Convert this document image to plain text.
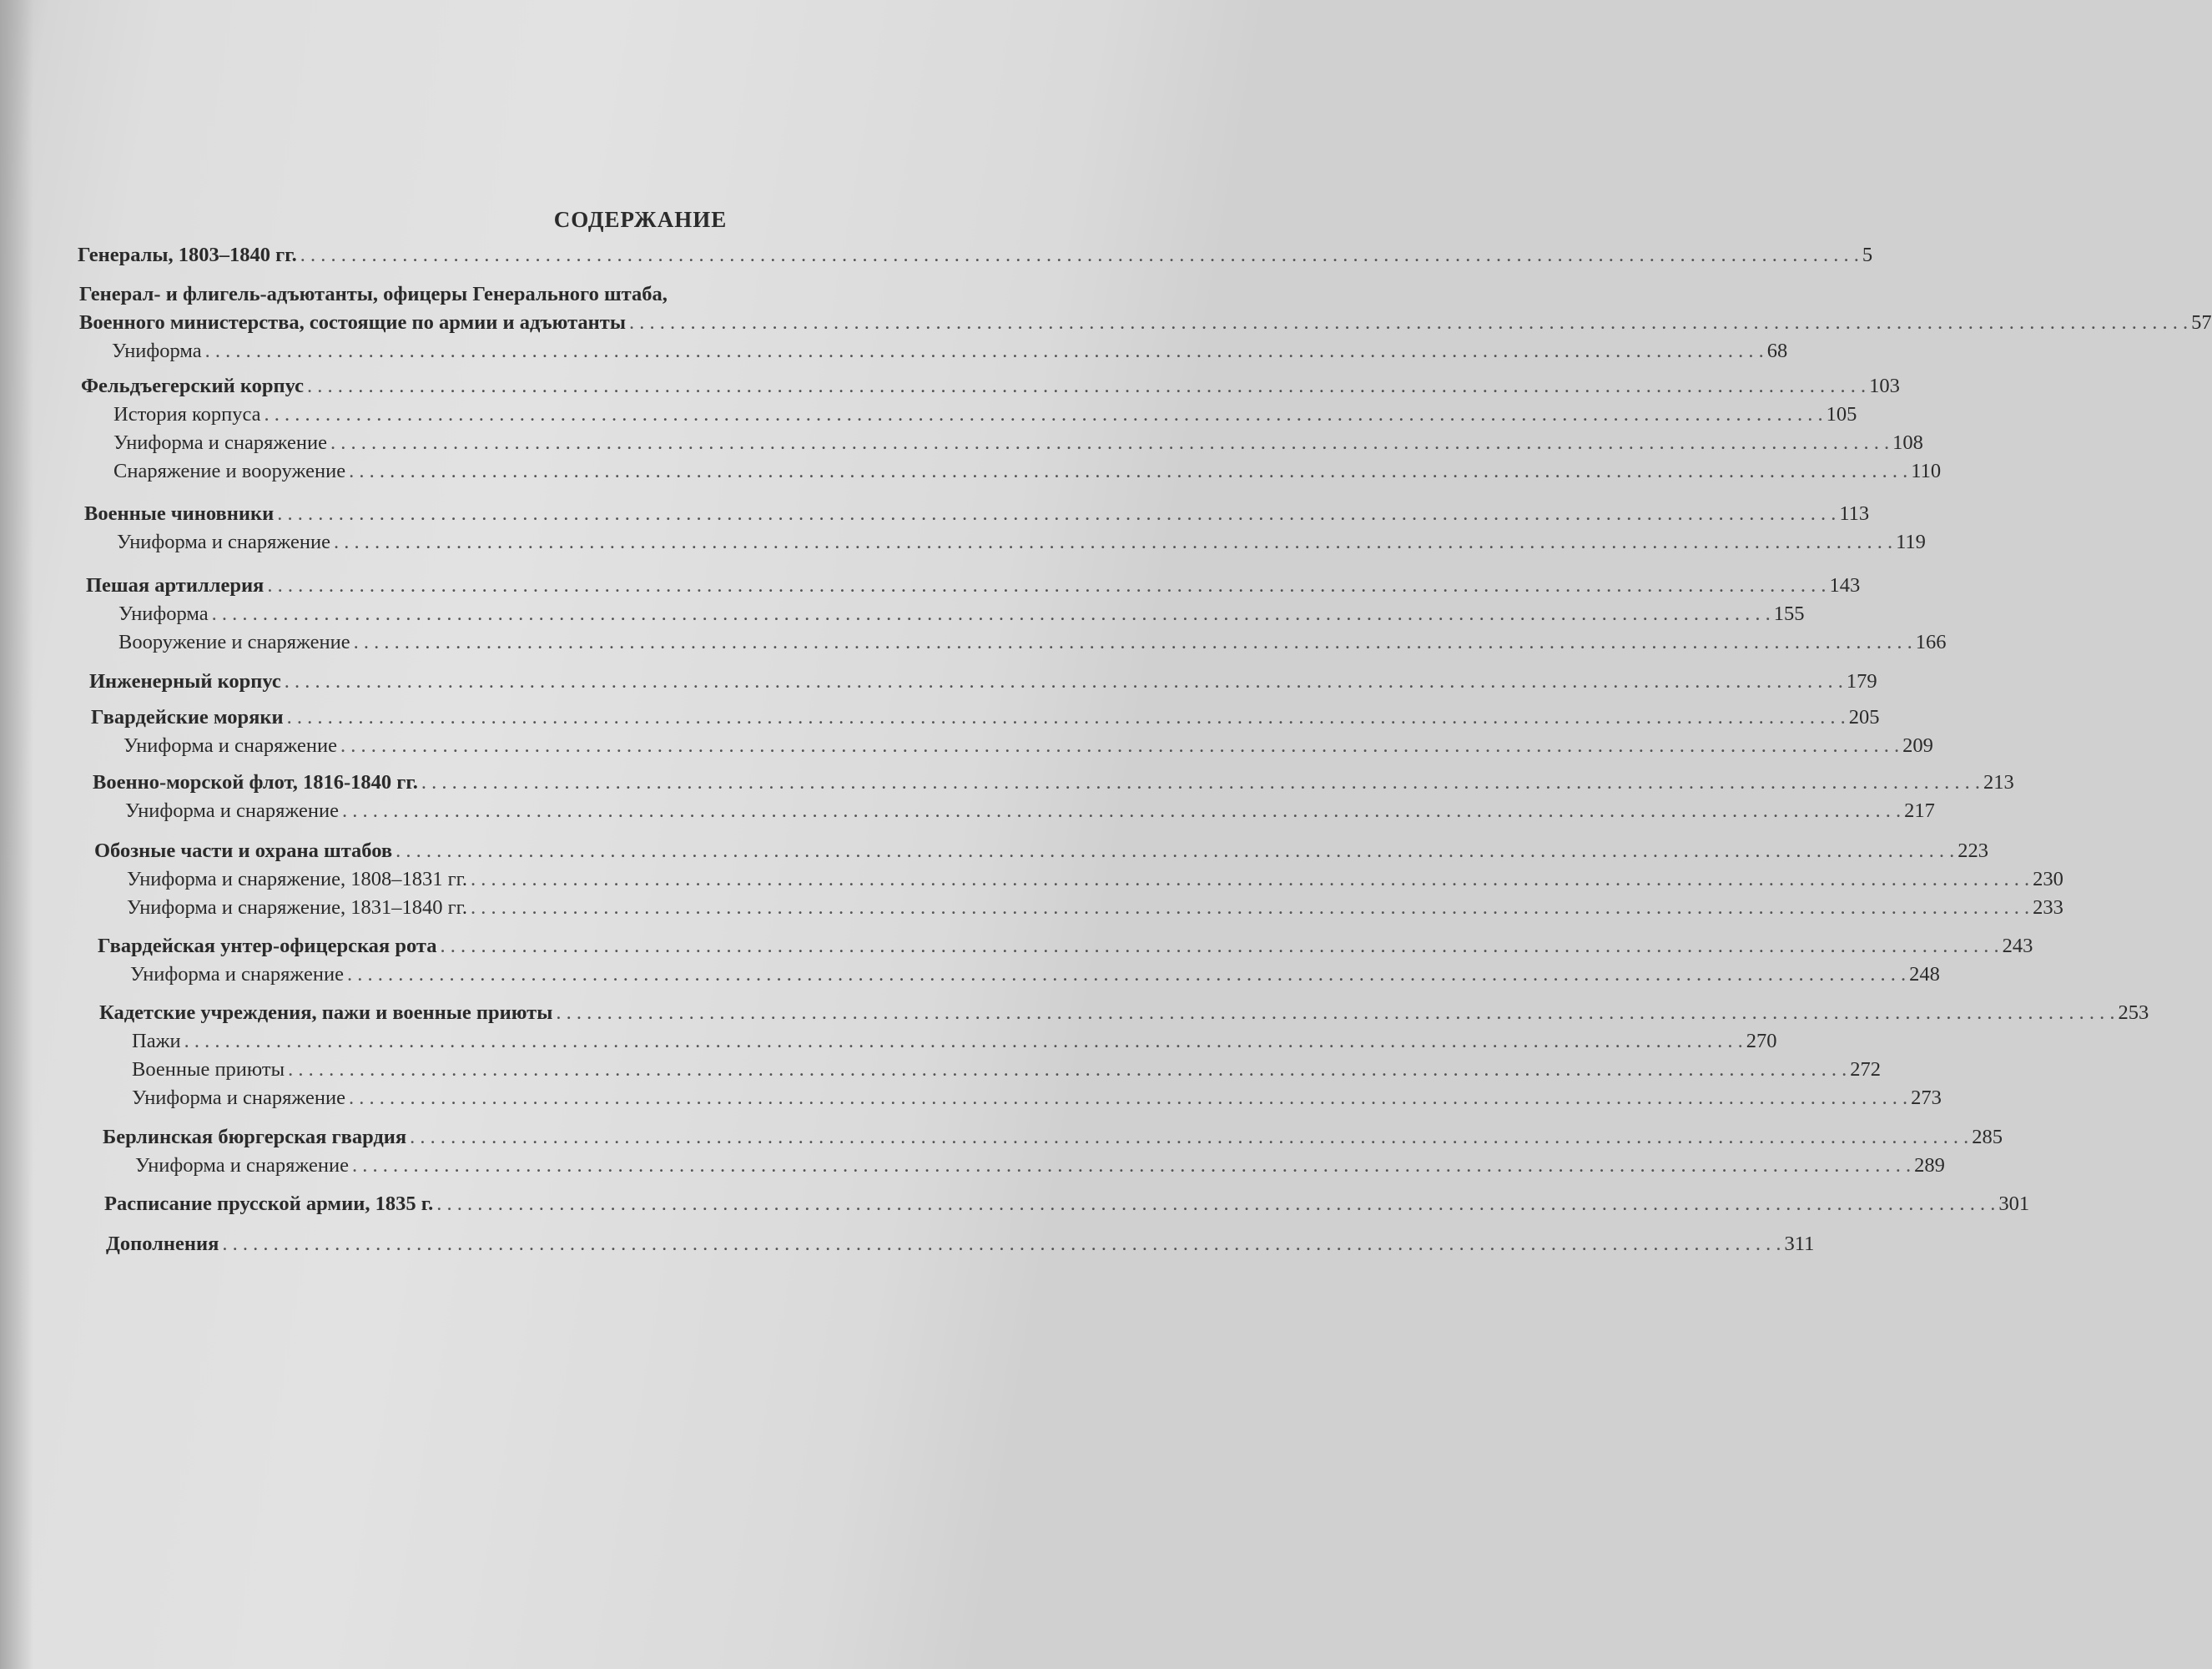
СОДЕРЖАНИЕ
Генералы, 1803–1840 гг. . . .	5
Генерал- и флигель-адъютанты, офицеры Генерального штаба,
Военного министерства, состоящие по армии и адъютанты . . .	57
Униформа . . .	68
Фельдъегерский корпус . . .	103
История корпуса . . .	105
Униформа и снаряжение . . .	108
Снаряжение и вооружение . . .	110
Военные чиновники . . .	113
Униформа и снаряжение . . .	119
Пешая артиллерия . . .	143
Униформа . . .	155
Вооружение и снаряжение . . .	166
Инженерный корпус . . .	179
Гвардейские моряки . . .	205
Униформа и снаряжение . . .	209
Военно-морской флот, 1816-1840 гг. . . .	213
Униформа и снаряжение . . .	217
Обозные части и охрана штабов . . .	223
Униформа и снаряжение, 1808–1831 гг. . . .	230
Униформа и снаряжение, 1831–1840 гг. . . .	233
Гвардейская унтер-офицерская рота . . .	243
Униформа и снаряжение . . .	248
Кадетские учреждения, пажи и военные приюты . . .	253
Пажи . . .	270
Военные приюты . . .	272
Униформа и снаряжение . . .	273
Берлинская бюргерская гвардия . . .	285
Униформа и снаряжение . . .	289
Расписание прусской армии, 1835 г. . . .	301
Дополнения . . .	311
